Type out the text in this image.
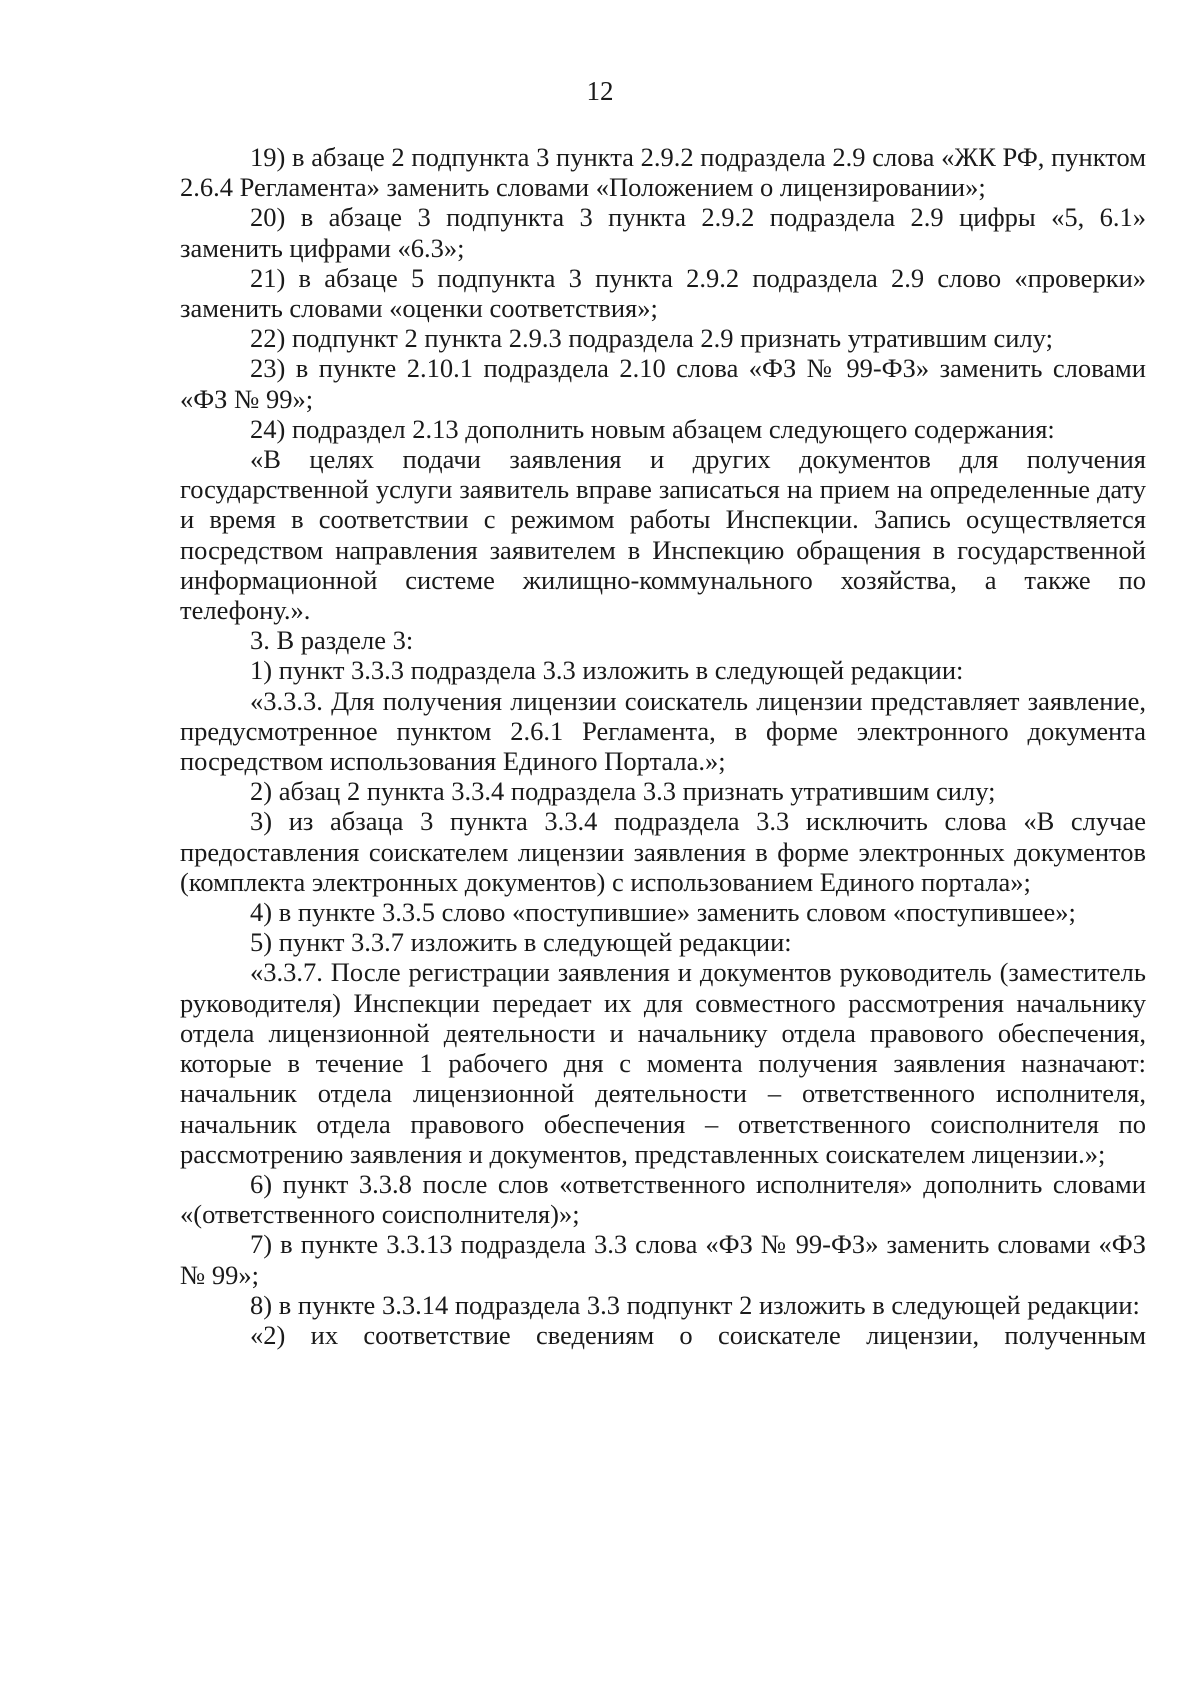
12

19) в абзаце 2 подпункта 3 пункта 2.9.2 подраздела 2.9 слова «ЖК РФ, пунктом 2.6.4 Регламента» заменить словами «Положением о лицензировании»;

20) в абзаце 3 подпункта 3 пункта 2.9.2 подраздела 2.9 цифры «5, 6.1» заменить цифрами «6.3»;

21) в абзаце 5 подпункта 3 пункта 2.9.2 подраздела 2.9 слово «проверки» заменить словами «оценки соответствия»;

22) подпункт 2 пункта 2.9.3 подраздела 2.9 признать утратившим силу;

23) в пункте 2.10.1 подраздела 2.10 слова «ФЗ № 99-ФЗ» заменить словами «ФЗ № 99»;

24) подраздел 2.13 дополнить новым абзацем следующего содержания:

«В целях подачи заявления и других документов для получения государственной услуги заявитель вправе записаться на прием на определенные дату и время в соответствии с режимом работы Инспекции. Запись осуществляется посредством направления заявителем в Инспекцию обращения в государственной информационной системе жилищно-коммунального хозяйства, а также по телефону.».

3. В разделе 3:

1) пункт 3.3.3 подраздела 3.3 изложить в следующей редакции:

«3.3.3. Для получения лицензии соискатель лицензии представляет заявление, предусмотренное пунктом 2.6.1 Регламента, в форме электронного документа посредством использования Единого Портала.»;

2) абзац 2 пункта 3.3.4 подраздела 3.3 признать утратившим силу;

3) из абзаца 3 пункта 3.3.4 подраздела 3.3 исключить слова «В случае предоставления соискателем лицензии заявления в форме электронных документов (комплекта электронных документов) с использованием Единого портала»;

4) в пункте 3.3.5 слово «поступившие» заменить словом «поступившее»;

5) пункт 3.3.7 изложить в следующей редакции:

«3.3.7. После регистрации заявления и документов руководитель (заместитель руководителя) Инспекции передает их для совместного рассмотрения начальнику отдела лицензионной деятельности и начальнику отдела правового обеспечения, которые в течение 1 рабочего дня с момента получения заявления назначают: начальник отдела лицензионной деятельности – ответственного исполнителя, начальник отдела правового обеспечения – ответственного соисполнителя по рассмотрению заявления и документов, представленных соискателем лицензии.»;

6) пункт 3.3.8 после слов «ответственного исполнителя» дополнить словами «(ответственного соисполнителя)»;

7) в пункте 3.3.13 подраздела 3.3 слова «ФЗ № 99-ФЗ» заменить словами «ФЗ № 99»;

8) в пункте 3.3.14 подраздела 3.3 подпункт 2 изложить в следующей редакции:

«2) их соответствие сведениям о соискателе лицензии, полученным
